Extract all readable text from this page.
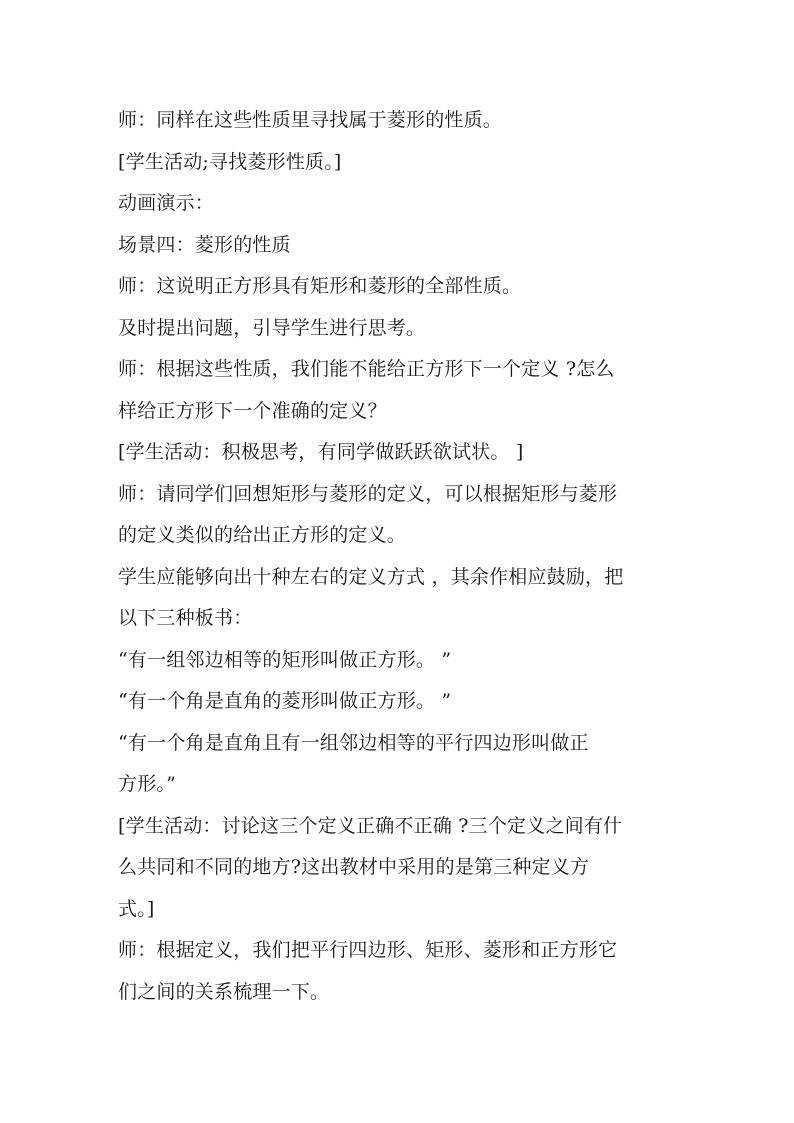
师：同样在这些性质里寻找属于菱形的性质。
[学生活动;寻找菱形性质。]
动画演示：
场景四：菱形的性质
师：这说明正方形具有矩形和菱形的全部性质。
及时提出问题，引导学生进行思考。
师：根据这些性质，我们能不能给正方形下一个定义 ?怎么
样给正方形下一个准确的定义？
[学生活动：积极思考，有同学做跃跃欲试状。 ]
师：请同学们回想矩形与菱形的定义，可以根据矩形与菱形
的定义类似的给出正方形的定义。
学生应能够向出十种左右的定义方式 ，其余作相应鼓励，把
以下三种板书：
“有一组邻边相等的矩形叫做正方形。 ”
“有一个角是直角的菱形叫做正方形。 ”
“有一个角是直角且有一组邻边相等的平行四边形叫做正
方形。”
[学生活动：讨论这三个定义正确不正确 ?三个定义之间有什
么共同和不同的地方?这出教材中采用的是第三种定义方
式。]
师：根据定义，我们把平行四边形、矩形、菱形和正方形它
们之间的关系梳理一下。
